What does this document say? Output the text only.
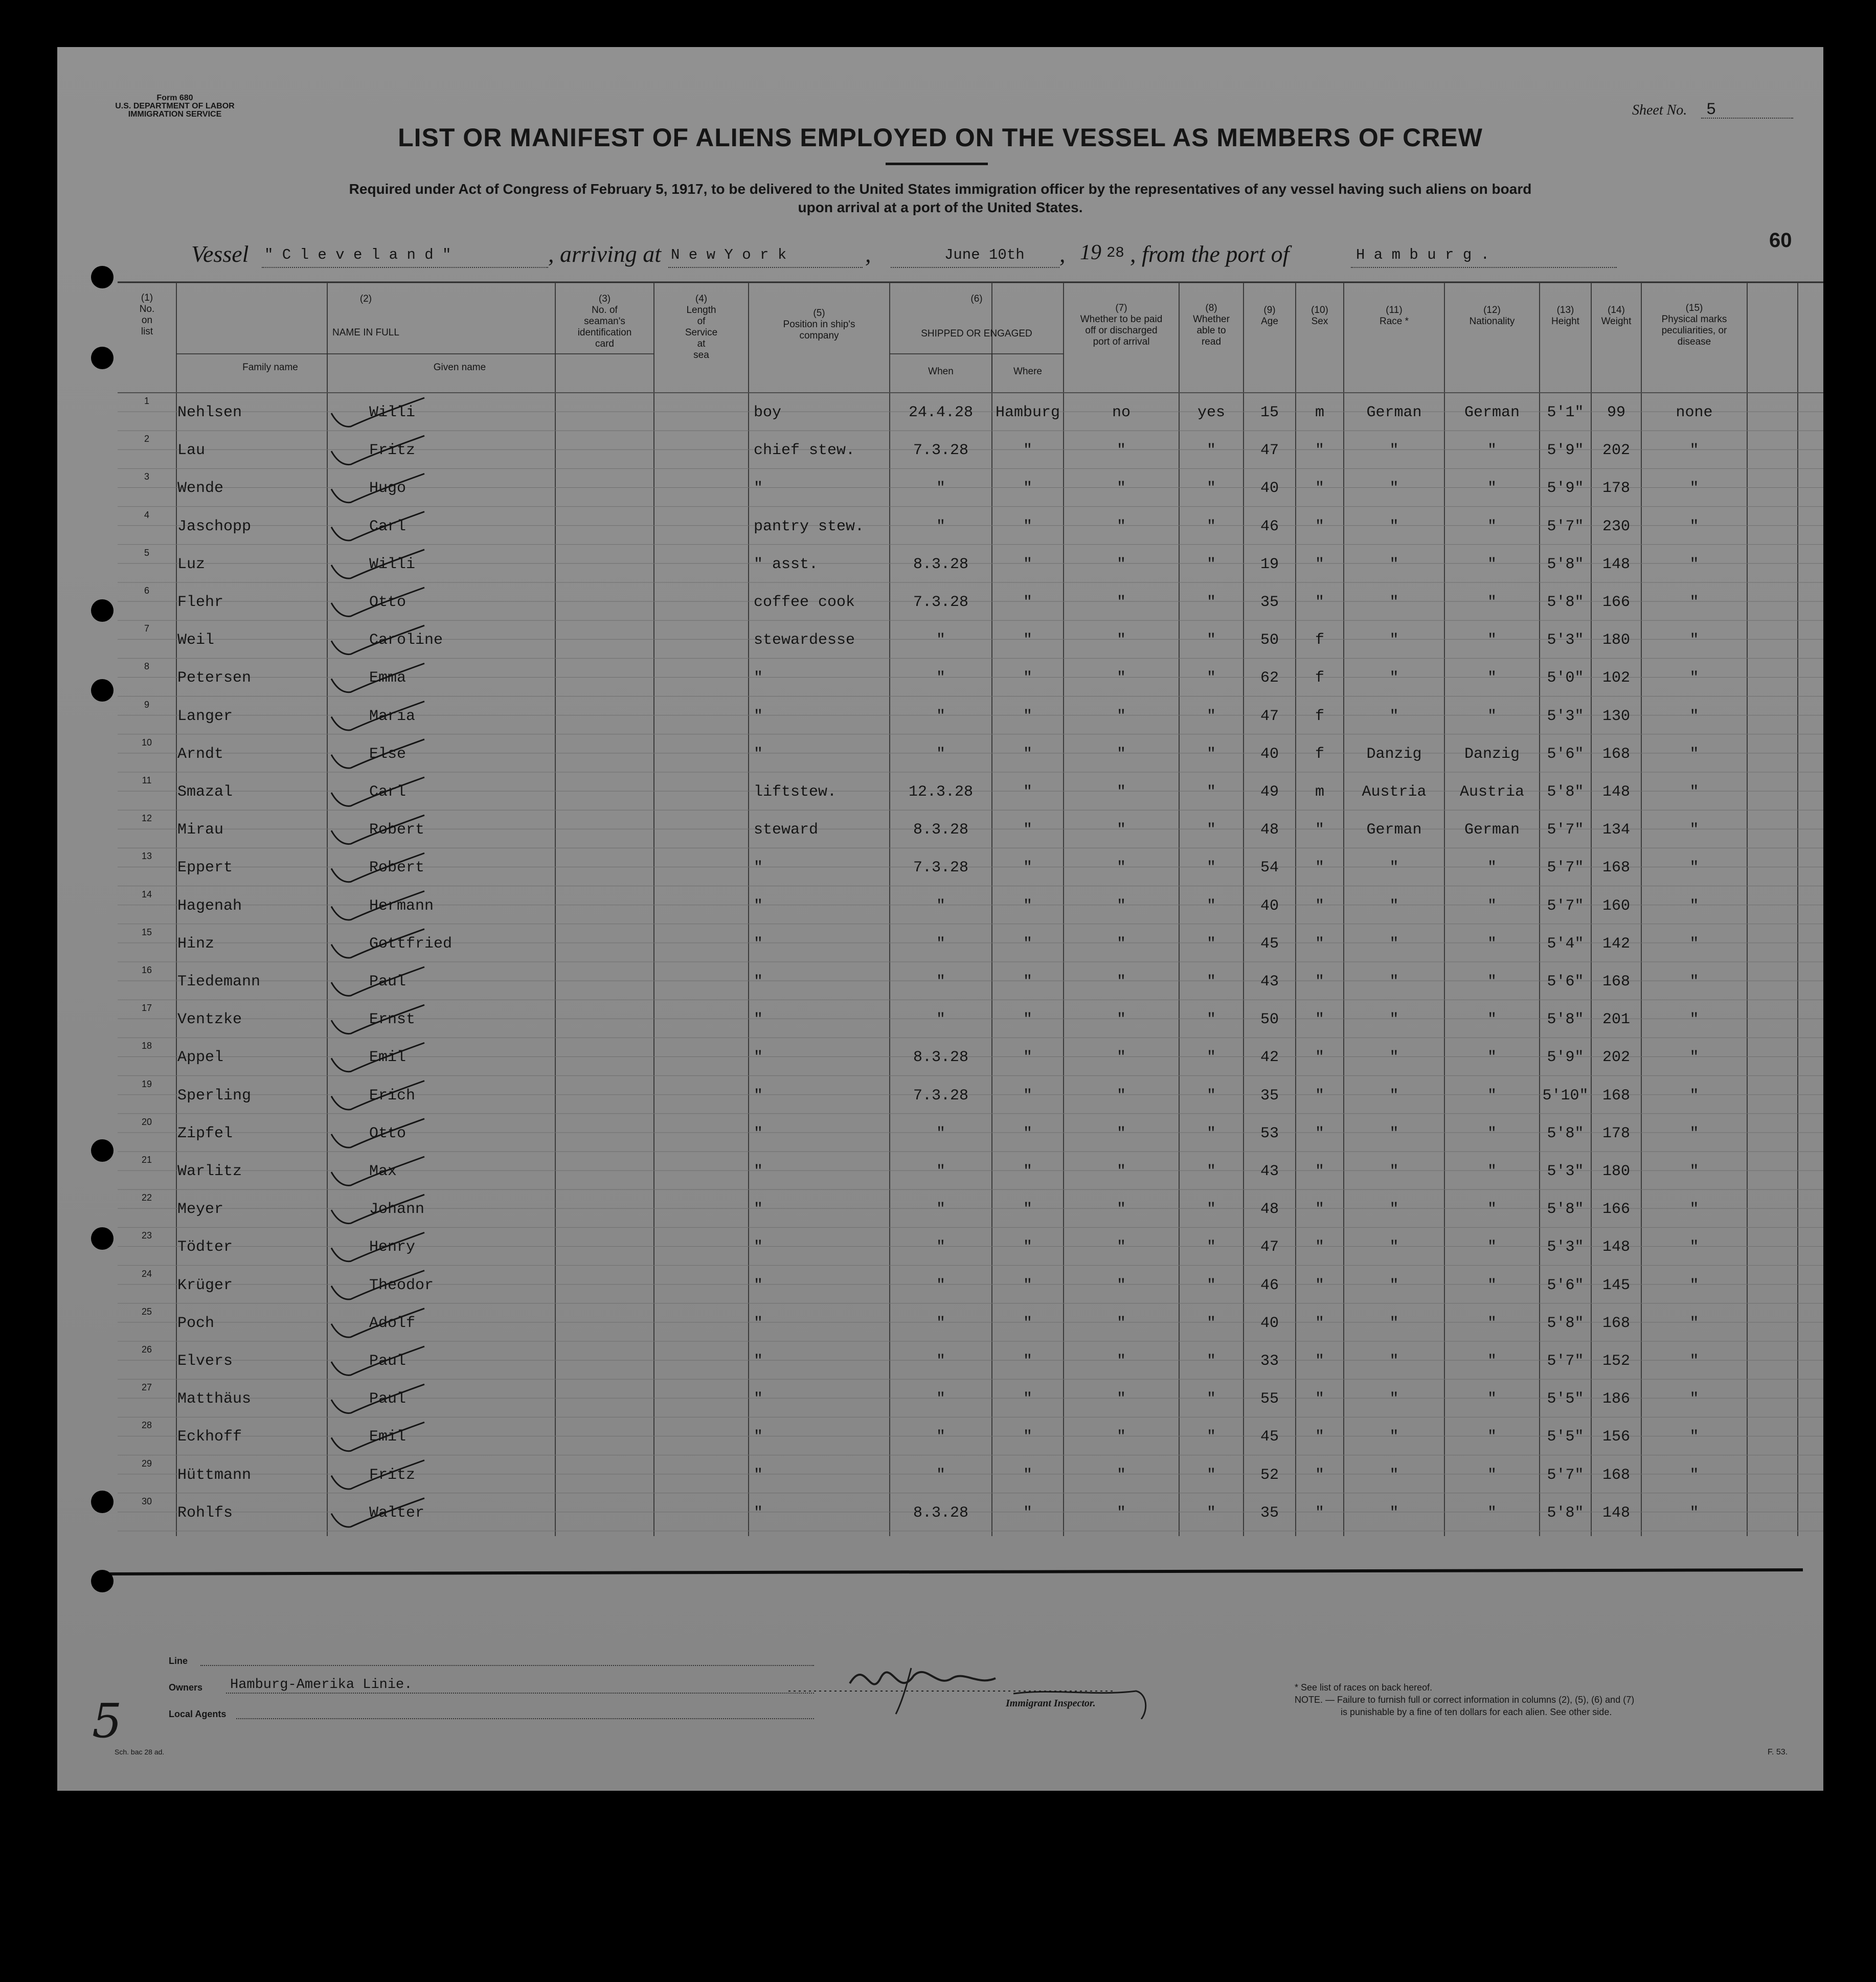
Form 680
U.S. DEPARTMENT OF LABOR
IMMIGRATION SERVICE	Sheet No. 5
LIST OR MANIFEST OF ALIENS EMPLOYED ON THE VESSEL AS MEMBERS OF CREW
Required under Act of Congress of February 5, 1917, to be delivered to the United States immigration officer by the representatives of any vessel having such aliens on board
upon arrival at a port of the United States.
60
Vessel " C l e v e l a n d "	, arriving at N e w Y o r k	,	June 10th , 19 28 , from the port of	H a m b u r g .
(1)
No.
on
list
(2)
NAME IN FULL
Family name	Given name
(3)
No. of
seaman's
identification
card
(4)
Length
of
Service
at
sea
(5)
Position in ship's
company
(6)
SHIPPED OR ENGAGED
When	Where
(7)
Whether to be paid
off or discharged
port of arrival
(8)
Whether
able to
read
(9)
Age
(10)
Sex
(11)
Race *
(12)
Nationality
(13)
Height
(14)
Weight
(15)
Physical marks
peculiarities, or
disease
1
Nehlsen	Willi	boy	24.4.28	Hamburg	no	yes	15	m	German	German	5'1"	99	none
2
Lau	Fritz	chief stew.	7.3.28	"	"	"	47	"	"	"	5'9"	202	"
3
Wende	Hugo	"	"	"	"	"	40	"	"	"	5'9"	178	"
4
Jaschopp	Carl	pantry stew.	"	"	"	"	46	"	"	"	5'7"	230	"
5
Luz	Willi	" asst.	8.3.28	"	"	"	19	"	"	"	5'8"	148	"
6
Flehr	Otto	coffee cook	7.3.28	"	"	"	35	"	"	"	5'8"	166	"
7
Weil	Caroline	stewardesse	"	"	"	"	50	f	"	"	5'3"	180	"
8
Petersen	Emma	"	"	"	"	"	62	f	"	"	5'0"	102	"
9
Langer	Maria	"	"	"	"	"	47	f	"	"	5'3"	130	"
10
Arndt	Else	"	"	"	"	"	40	f	Danzig	Danzig	5'6"	168	"
11
Smazal	Carl	liftstew.	12.3.28	"	"	"	49	m	Austria	Austria	5'8"	148	"
12
Mirau	Robert	steward	8.3.28	"	"	"	48	"	German	German	5'7"	134	"
13
Eppert	Robert	"	7.3.28	"	"	"	54	"	"	"	5'7"	168	"
14
Hagenah	Hermann	"	"	"	"	"	40	"	"	"	5'7"	160	"
15
Hinz	Gottfried	"	"	"	"	"	45	"	"	"	5'4"	142	"
16
Tiedemann	Paul	"	"	"	"	"	43	"	"	"	5'6"	168	"
17
Ventzke	Ernst	"	"	"	"	"	50	"	"	"	5'8"	201	"
18
Appel	Emil	"	8.3.28	"	"	"	42	"	"	"	5'9"	202	"
19
Sperling	Erich	"	7.3.28	"	"	"	35	"	"	"	5'10" 168	"
20
Zipfel	Otto	"	"	"	"	"	53	"	"	"	5'8"	178	"
21
Warlitz	Max	"	"	"	"	"	43	"	"	"	5'3"	180	"
22
Meyer	Johann	"	"	"	"	"	48	"	"	"	5'8"	166	"
23
Tödter	Henry	"	"	"	"	"	47	"	"	"	5'3"	148	"
24
Krüger	Theodor	"	"	"	"	"	46	"	"	"	5'6"	145	"
25
Poch	Adolf	"	"	"	"	"	40	"	"	"	5'8"	168	"
26
Elvers	Paul	"	"	"	"	"	33	"	"	"	5'7"	152	"
27
Matthäus	Paul	"	"	"	"	"	55	"	"	"	5'5"	186	"
28
Eckhoff	Emil	"	"	"	"	"	45	"	"	"	5'5"	156	"
29
Hüttmann	Fritz	"	"	"	"	"	52	"	"	"	5'7"	168	"
30
Rohlfs	Walter	"	8.3.28	"	"	"	35	"	"	"	5'8"	148	"
Line
Owners Hamburg-Amerika Linie.
Local Agents
5
Sch. bac 28 ad.
Immigrant Inspector.
* See list of races on back hereof.
NOTE. — Failure to furnish full or correct information in columns (2), (5), (6) and (7)
is punishable by a fine of ten dollars for each alien. See other side.
F. 53.
